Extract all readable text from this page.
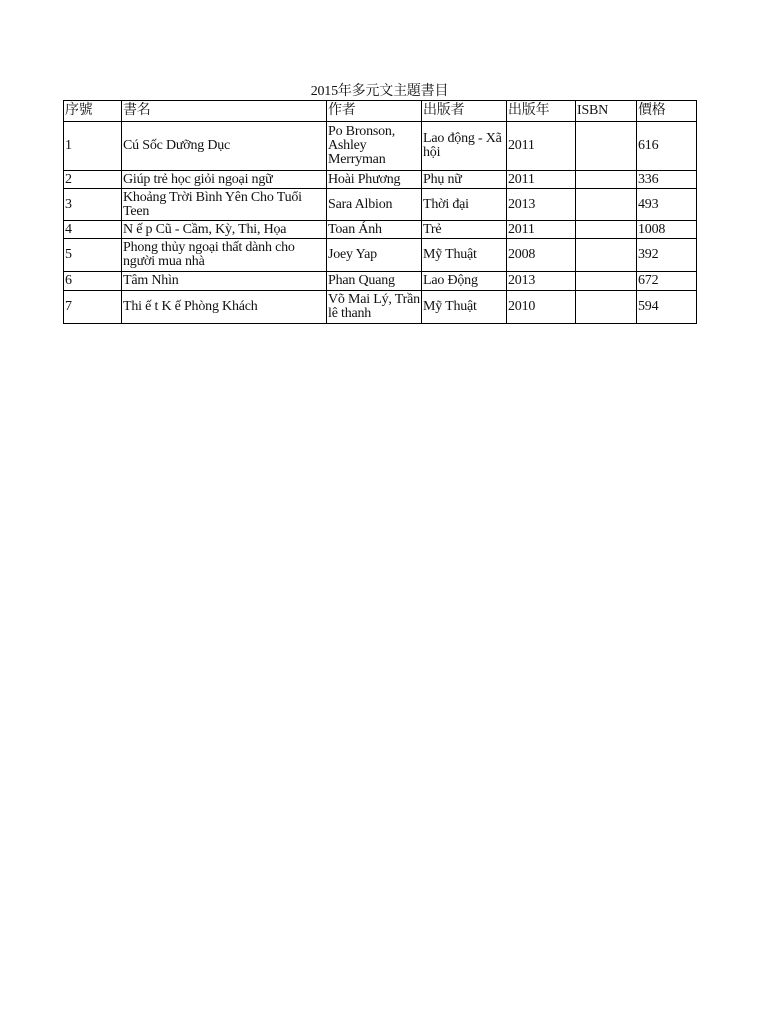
2015年多元文主題書目
序號	書名	作者	出版者	出版年	ISBN	價格
1	Cú Sốc Dưỡng Dục	Po Bronson, Ashley Merryman	Lao động - Xã hội	2011		616
2	Giúp trẻ học giỏi ngoại ngữ	Hoài Phương	Phụ nữ	2011		336
3	Khoảng Trời Bình Yên Cho Tuổi Teen	Sara Albion	Thời đại	2013		493
4	N ế p Cũ - Cầm, Kỳ, Thi, Họa	Toan Ánh	Trẻ	2011		1008
5	Phong thủy ngoại thất dành cho người mua nhà	Joey Yap	Mỹ Thuật	2008		392
6	Tâm Nhìn	Phan Quang	Lao Động	2013		672
7	Thi ế t K ế Phòng Khách	Võ Mai Lý, Trần lê thanh	Mỹ Thuật	2010		594
